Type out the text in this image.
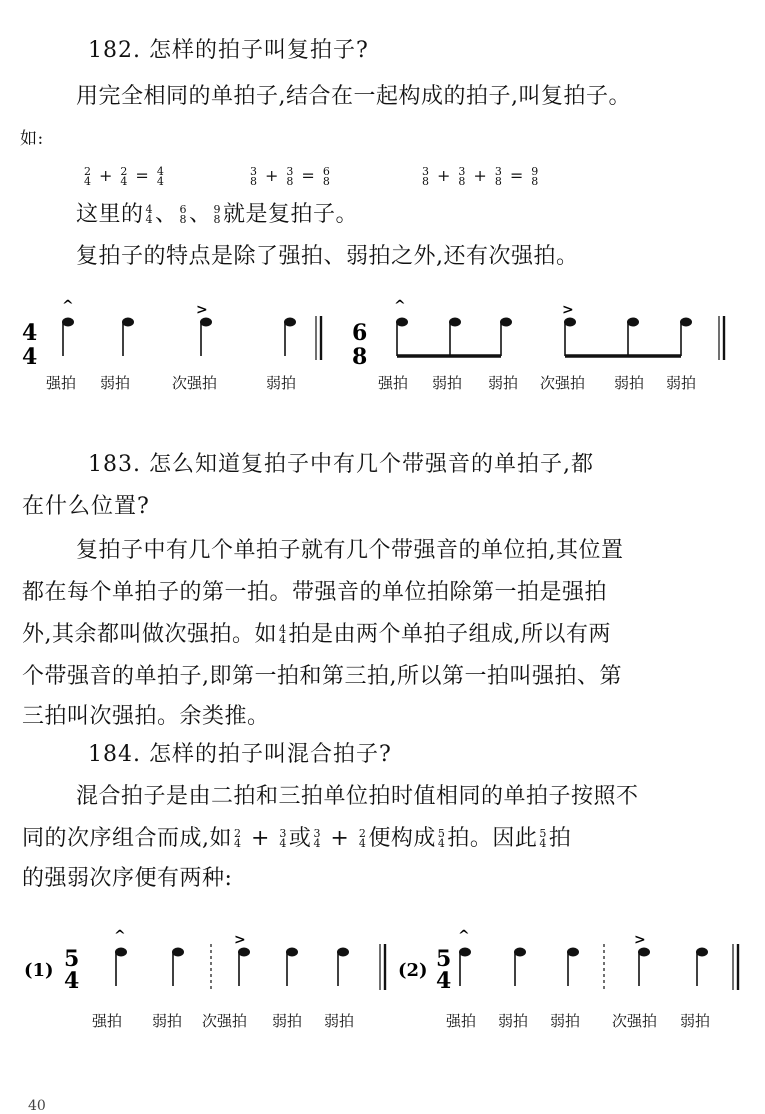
182. 怎样的拍子叫复拍子?
用完全相同的单拍子,结合在一起构成的拍子,叫复拍子。
如:
2
4 + 2
4 = 4
4
3
8 + 3
8 = 6
8
3
8 + 3
8 + 3
8 = 9
8
这里的 4
4 、 6
8 、 9
8 就是复拍子。
复拍子的特点是除了强拍、弱拍之外,还有次强拍。
4
4
^	>
6
8
^	>
强拍 弱拍	次强拍	弱拍	强拍 弱拍 弱拍 次强拍 弱拍 弱拍
183. 怎么知道复拍子中有几个带强音的单拍子,都
在什么位置?
复拍子中有几个单拍子就有几个带强音的单位拍,其位置
都在每个单拍子的第一拍。带强音的单位拍除第一拍是强拍
外,其余都叫做次强拍。如 4
4 拍是由两个单拍子组成,所以有两
个带强音的单拍子,即第一拍和第三拍,所以第一拍叫强拍、第
三拍叫次强拍。余类推。
184. 怎样的拍子叫混合拍子?
混合拍子是由二拍和三拍单位拍时值相同的单拍子按照不
同的次序组合而成,如 2
4 + 3
4 或 3
4 + 2
4 便构成 5
4 拍。因此 5
4 拍
的强弱次序便有两种:
(1) 5
4
^	>
(2) 5
4
^	>
强拍 弱拍 次强拍 弱拍 弱拍	强拍 弱拍 弱拍 次强拍 弱拍
40
